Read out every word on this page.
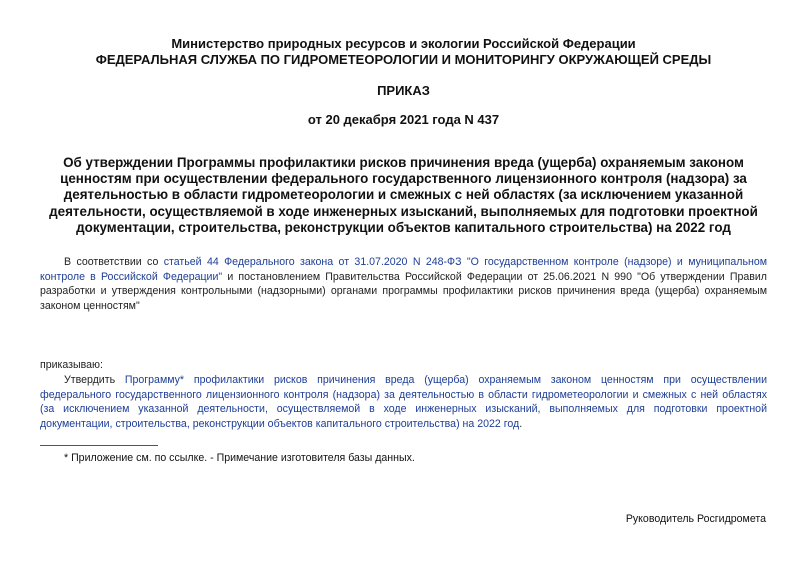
Министерство природных ресурсов и экологии Российской Федерации
ФЕДЕРАЛЬНАЯ СЛУЖБА ПО ГИДРОМЕТЕОРОЛОГИИ И МОНИТОРИНГУ ОКРУЖАЮЩЕЙ СРЕДЫ
ПРИКАЗ
от 20 декабря 2021 года N 437
Об утверждении Программы профилактики рисков причинения вреда (ущерба) охраняемым законом
ценностям при осуществлении федерального государственного лицензионного контроля (надзора) за
деятельностью в области гидрометеорологии и смежных с ней областях (за исключением указанной
деятельности, осуществляемой в ходе инженерных изысканий, выполняемых для подготовки проектной
документации, строительства, реконструкции объектов капитального строительства) на 2022 год
В соответствии со статьей 44 Федерального закона от 31.07.2020 N 248-ФЗ "О государственном контроле (надзоре) и муниципальном
контроле в Российской Федерации" и постановлением Правительства Российской Федерации от 25.06.2021 N 990 "Об утверждении Правил
разработки и утверждения контрольными (надзорными) органами программы профилактики рисков причинения вреда (ущерба) охраняемым
законом ценностям"
приказываю:
Утвердить Программу* профилактики рисков причинения вреда (ущерба) охраняемым законом ценностям при осуществлении
федерального государственного лицензионного контроля (надзора) за деятельностью в области гидрометеорологии и смежных с ней областях
(за исключением указанной деятельности, осуществляемой в ходе инженерных изысканий, выполняемых для подготовки проектной
документации, строительства, реконструкции объектов капитального строительства) на 2022 год.
* Приложение см. по ссылке. - Примечание изготовителя базы данных.
Руководитель Росгидромета
